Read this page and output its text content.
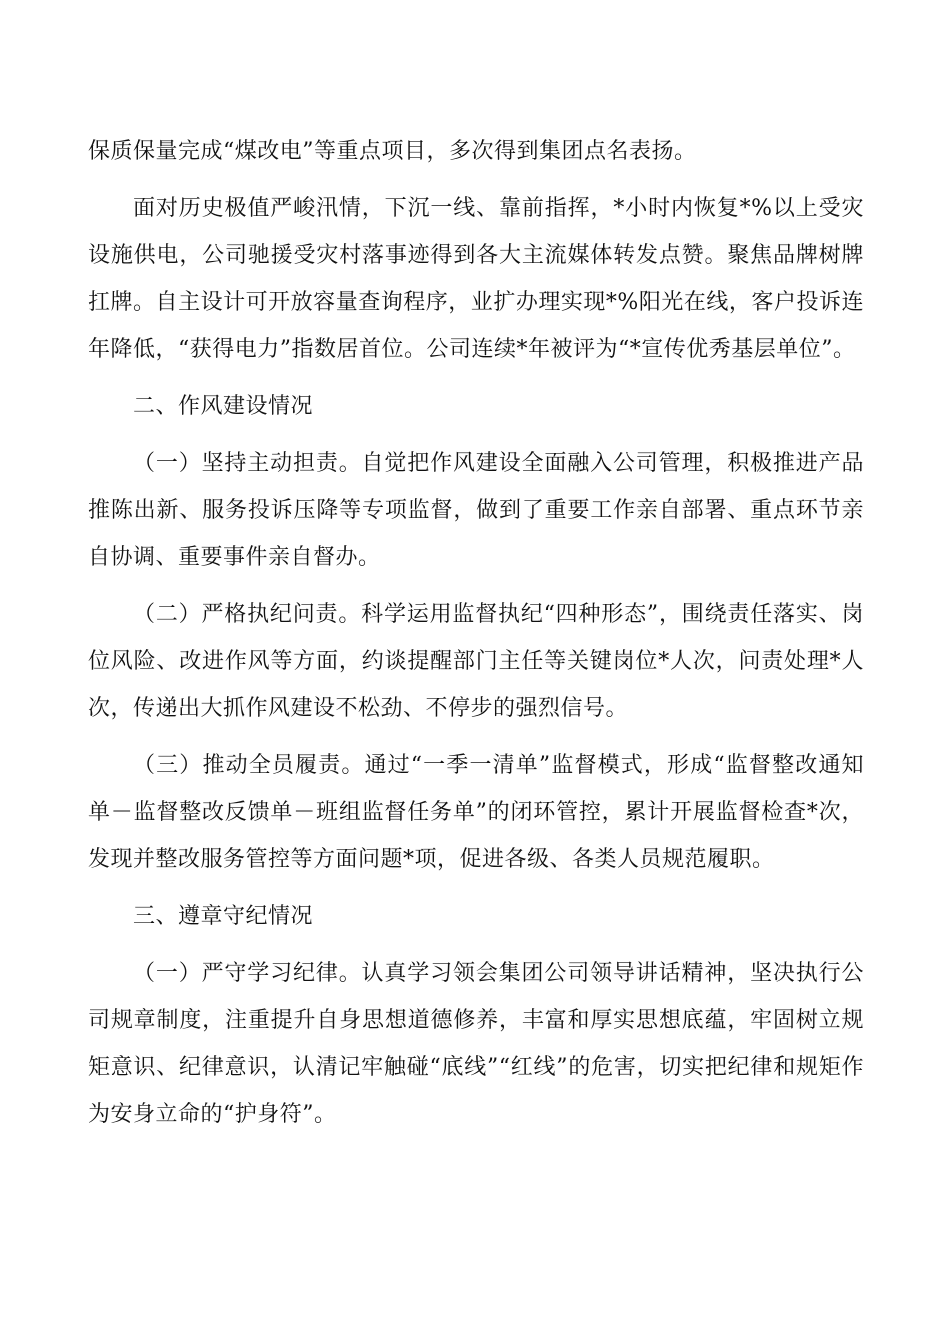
保质保量完成“煤改电”等重点项目，多次得到集团点名表扬。

面对历史极值严峻汛情，下沉一线、靠前指挥，*小时内恢复*%以上受灾设施供电，公司驰援受灾村落事迹得到各大主流媒体转发点赞。聚焦品牌树牌扛牌。自主设计可开放容量查询程序，业扩办理实现*%阳光在线，客户投诉连年降低，“获得电力”指数居首位。公司连续*年被评为“*宣传优秀基层单位”。

二、作风建设情况

（一）坚持主动担责。自觉把作风建设全面融入公司管理，积极推进产品推陈出新、服务投诉压降等专项监督，做到了重要工作亲自部署、重点环节亲自协调、重要事件亲自督办。

（二）严格执纪问责。科学运用监督执纪“四种形态”，围绕责任落实、岗位风险、改进作风等方面，约谈提醒部门主任等关键岗位*人次，问责处理*人次，传递出大抓作风建设不松劲、不停步的强烈信号。

（三）推动全员履责。通过“一季一清单”监督模式，形成“监督整改通知单－监督整改反馈单－班组监督任务单”的闭环管控，累计开展监督检查*次，发现并整改服务管控等方面问题*项，促进各级、各类人员规范履职。

三、遵章守纪情况

（一）严守学习纪律。认真学习领会集团公司领导讲话精神，坚决执行公司规章制度，注重提升自身思想道德修养，丰富和厚实思想底蕴，牢固树立规矩意识、纪律意识，认清记牢触碰“底线”“红线”的危害，切实把纪律和规矩作为安身立命的“护身符”。
